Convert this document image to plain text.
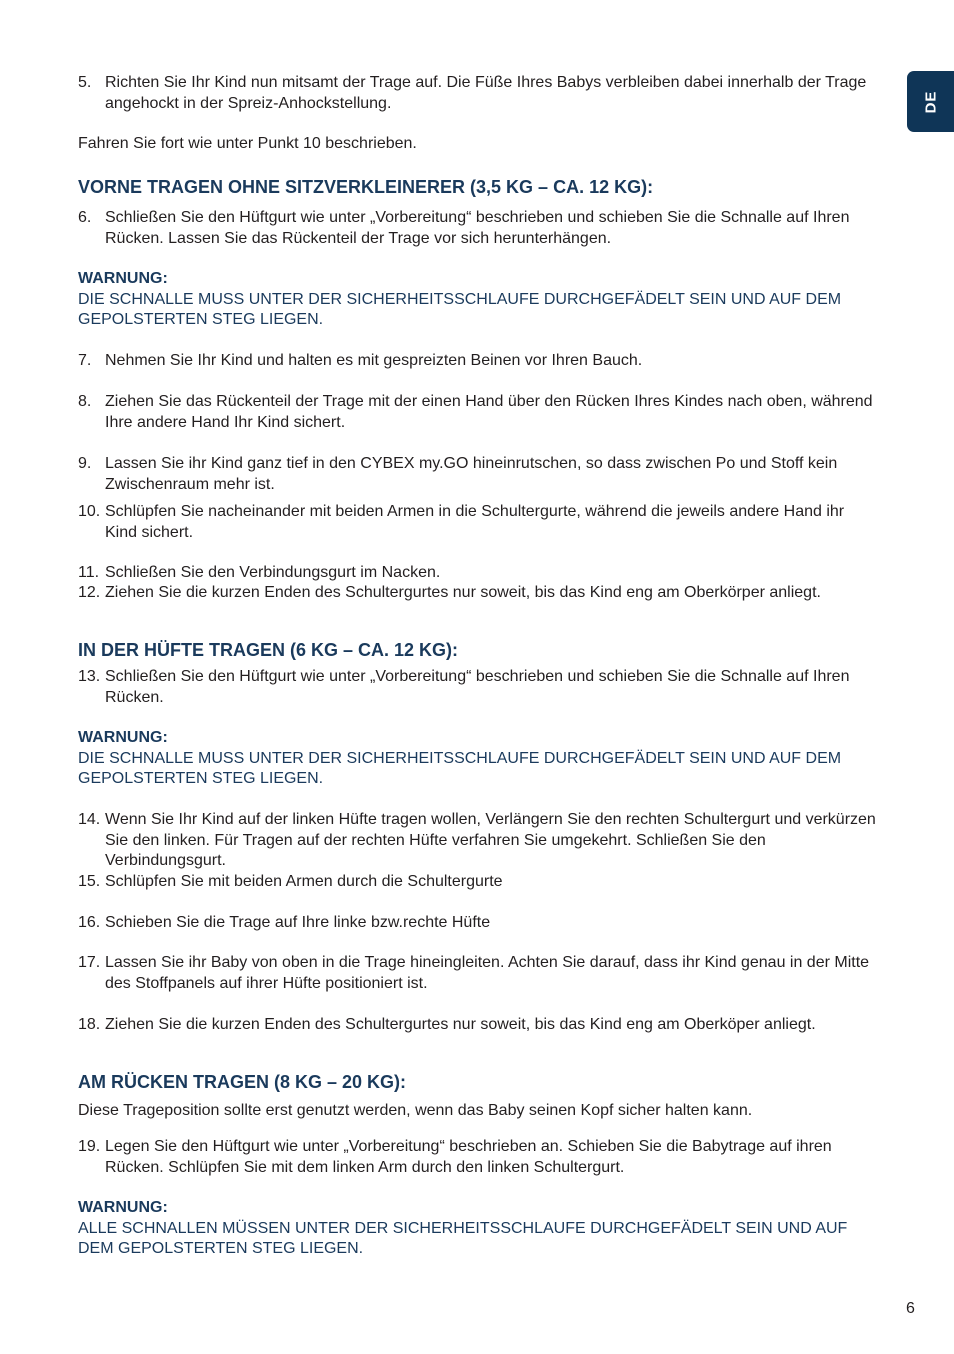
DE
5. Richten Sie Ihr Kind nun mitsamt der Trage auf. Die Füße Ihres Babys verbleiben dabei innerhalb der Trage angehockt in der Spreiz-Anhockstellung.
Fahren Sie fort wie unter Punkt 10 beschrieben.
VORNE TRAGEN OHNE SITZVERKLEINERER (3,5 KG – CA. 12 KG):
6. Schließen Sie den Hüftgurt wie unter „Vorbereitung“ beschrieben und schieben Sie die Schnalle auf Ihren Rücken. Lassen Sie das Rückenteil der Trage vor sich herunterhängen.
WARNUNG:
DIE SCHNALLE MUSS UNTER DER SICHERHEITSSCHLAUFE DURCHGEFÄDELT SEIN UND AUF DEM GEPOLSTERTEN STEG LIEGEN.
7. Nehmen Sie Ihr Kind und halten es mit gespreizten Beinen vor Ihren Bauch.
8. Ziehen Sie das Rückenteil der Trage mit der einen Hand über den Rücken Ihres Kindes nach oben, während Ihre andere Hand Ihr Kind sichert.
9. Lassen Sie ihr Kind ganz tief in den CYBEX my.GO hineinrutschen, so dass zwischen Po und Stoff kein Zwischenraum mehr ist.
10. Schlüpfen Sie nacheinander mit beiden Armen in die Schultergurte, während die jeweils andere Hand ihr Kind sichert.
11. Schließen Sie den Verbindungsgurt im Nacken.
12. Ziehen Sie die kurzen Enden des Schultergurtes nur soweit, bis das Kind eng am Oberkörper anliegt.
IN DER HÜFTE TRAGEN (6 KG – CA. 12 KG):
13. Schließen Sie den Hüftgurt wie unter „Vorbereitung“ beschrieben und schieben Sie die Schnalle auf Ihren Rücken.
WARNUNG:
DIE SCHNALLE MUSS UNTER DER SICHERHEITSSCHLAUFE DURCHGEFÄDELT SEIN UND AUF DEM GEPOLSTERTEN STEG LIEGEN.
14. Wenn Sie Ihr Kind auf der linken Hüfte tragen wollen, Verlängern Sie den rechten Schultergurt und verkürzen Sie den linken. Für Tragen auf der rechten Hüfte verfahren Sie umgekehrt. Schließen Sie den Verbindungsgurt.
15. Schlüpfen Sie mit beiden Armen durch die Schultergurte
16. Schieben Sie die Trage auf Ihre linke bzw.rechte Hüfte
17. Lassen Sie ihr Baby von oben in die Trage hineingleiten. Achten Sie darauf, dass ihr Kind genau in der Mitte des Stoffpanels auf ihrer Hüfte positioniert ist.
18. Ziehen Sie die kurzen Enden des Schultergurtes nur soweit, bis das Kind eng am Oberköper anliegt.
AM RÜCKEN TRAGEN (8 KG – 20 KG):
Diese Trageposition sollte erst genutzt werden, wenn das Baby seinen Kopf sicher halten kann.
19. Legen Sie den Hüftgurt wie unter „Vorbereitung“ beschrieben an. Schieben Sie die Babytrage auf ihren Rücken. Schlüpfen Sie mit dem linken Arm durch den linken Schultergurt.
WARNUNG:
ALLE SCHNALLEN MÜSSEN UNTER DER SICHERHEITSSCHLAUFE DURCHGEFÄDELT SEIN UND AUF DEM GEPOLSTERTEN STEG LIEGEN.
6
